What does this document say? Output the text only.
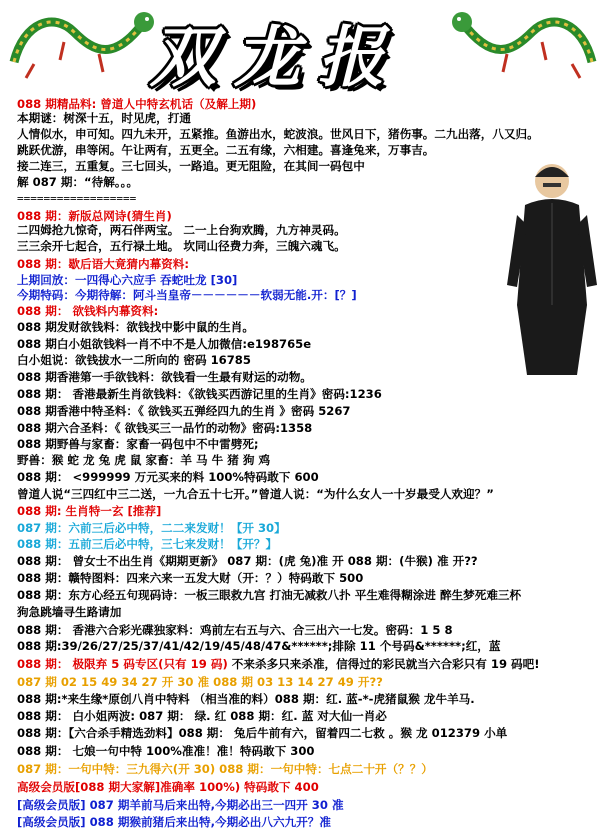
双龙报
088 期精品料: 曾道人中特玄机话（及解上期)
本期谜：树深十五，时见虎，打通
人情似水，申可知。四九未开，五紧推。鱼游出水，蛇波浪。世风日下，猪伤事。二九出落，八又归。
跳跃优游，串等闲。午让两有，五更全。二五有缘，六相建。喜逢兔来，万事吉。
接二连三，五重复。三七回头，一路追。更无阻险，在其间一码包中
解 087 期：“待解。。。
==================
088 期：新版总网诗(猜生肖)
二四姆抢九惊奇，两石伴两宝。 二一上台狗欢腾，九方神灵码。
三三余开七起合，五行禄土地。 坎同山径费力奔，三魄六魂飞。
088 期：歇后语大竟猜内幕资料:
上期回放：一四得心六应手 吞蛇吐龙 [30]
今期特码：今期待解：阿斗当皇帝－－－－－－软弱无能.开：[？]
088 期： 欲钱料内幕资料:
088 期发财欲钱料：欲钱找中影中鼠的生肖。
088 期白小姐欲钱料一肖不中不是人加微信:e198765e
白小姐说：欲钱拔水一二所向的 密码 16785
088 期香港第一手欲钱料：欲钱看一生最有财运的动物。
088 期： 香港最新生肖欲钱料：《欲钱买西游记里的生肖》密码:1236
088 期香港中特圣料：《 欲钱买五弹经四九的生肖 》密码 5267
088 期六合圣料：《 欲钱买三一品竹的动物》密码:1358
088 期野兽与家畜：家畜一码包中不中雷劈死;
野兽：猴 蛇 龙 兔 虎 鼠 家畜：羊 马 牛 猪 狗 鸡
088 期： <999999 万元买来的料 100%特码敢下 600
曾道人说“三四红中三二送，一九合五十七开。”曾道人说：“为什么女人一十岁最受人欢迎？”
088 期: 生肖特一玄 [推荐]
087 期：六前三后必中特，二二来发财！【开 30】
088 期：五前三后必中特，三七来发财！【开？】
088 期： 曾女士不出生肖《期期更新》 087 期：(虎 兔)准 开 088 期：(牛猴) 准 开??
088 期：赣特图料：四来六来一五发大财（开：？）特码敢下 500
088 期：东方心经五句现码诗：一板三眼救九宫 打油无减救八扑 平生难得糊涂进 醉生梦死难三杯
狗急跳墙寻生路请加
088 期： 香港六合彩光碟独家料：鸡前左右五与六、合三出六一七发。密码：1 5 8
088 期:39/26/27/25/37/41/42/19/45/48/47&******;排除 11 个号码&******;红，蓝
088 期： 极限弃 5 码专区(只有 19 码) 不来杀多只来杀准，信得过的彩民就当六合彩只有 19 码吧!
087 期 02 15 49 34 27 开 30 准 088 期 03 13 14 27 49 开??
088 期:*来生缘*原创八肖中特料 （相当准的料）088 期：红. 蓝-*-虎猪鼠猴 龙牛羊马.
088 期： 白小姐两波: 087 期： 绿. 红 088 期：红. 蓝 对大仙一肖必
088 期：【六合杀手精选劲料】088 期： 兔后牛前有六，留着四二七救 。猴 龙 012379 小单
088 期： 七娘一句中特 100%准准！准！特码敢下 300
087 期：一句中特：三九得六(开 30) 088 期：一句中特：七点二十开（？？）
高级会员版[088 期大家解]准确率 100%) 特码敢下 400
[高级会员版] 087 期羊前马后来出特,今期必出三一四开 30 准
[高级会员版] 088 期猴前猪后来出特,今期必出八六九开？准
